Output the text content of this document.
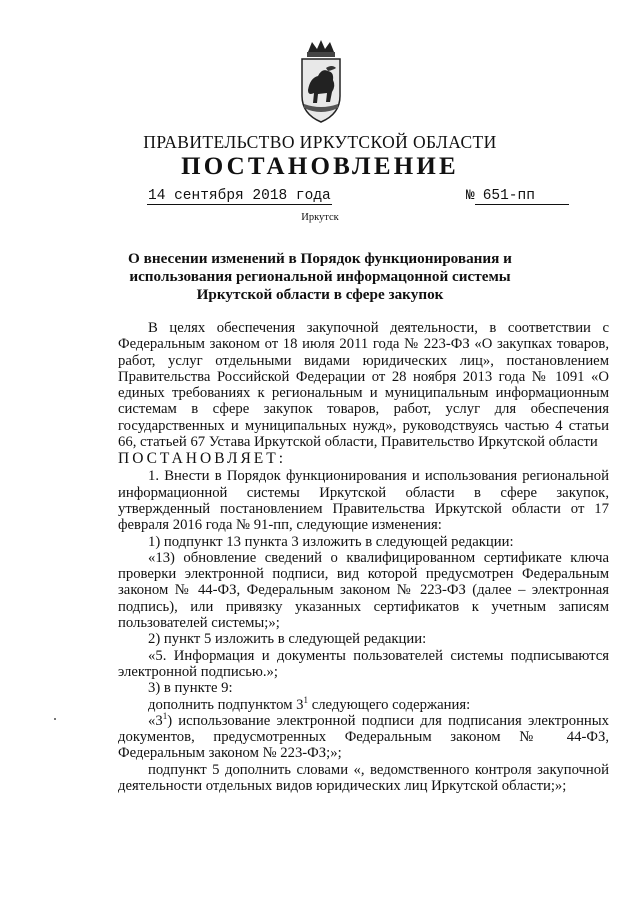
ПРАВИТЕЛЬСТВО ИРКУТСКОЙ ОБЛАСТИ
ПОСТАНОВЛЕНИЕ
14 сентября 2018 года	№ 651-пп
Иркутск
О внесении изменений в Порядок функционирования и использования региональной информацонной системы Иркутской области в сфере закупок

В целях обеспечения закупочной деятельности, в соответствии с Федеральным законом от 18 июля 2011 года № 223-ФЗ «О закупках товаров, работ, услуг отдельными видами юридических лиц», постановлением Правительства Российской Федерации от 28 ноября 2013 года № 1091 «О единых требованиях к региональным и муниципальным информационным системам в сфере закупок товаров, работ, услуг для обеспечения государственных и муниципальных нужд», руководствуясь частью 4 статьи 66, статьей 67 Устава Иркутской области, Правительство Иркутской области

ПОСТАНОВЛЯЕТ:

1. Внести в Порядок функционирования и использования региональной информационной системы Иркутской области в сфере закупок, утвержденный постановлением Правительства Иркутской области от 17 февраля 2016 года № 91-пп, следующие изменения:

1) подпункт 13 пункта 3 изложить в следующей редакции:

«13) обновление сведений о квалифицированном сертификате ключа проверки электронной подписи, вид которой предусмотрен Федеральным законом № 44-ФЗ, Федеральным законом № 223-ФЗ (далее – электронная подпись), или привязку указанных сертификатов к учетным записям пользователей системы;»;

2) пункт 5 изложить в следующей редакции:

«5. Информация и документы пользователей системы подписываются электронной подписью.»;

3) в пункте 9:

дополнить подпунктом $3^1$ следующего содержания:

«$3^1$) использование электронной подписи для подписания электронных документов, предусмотренных Федеральным законом № 44-ФЗ, Федеральным законом № 223-ФЗ;»;

подпункт 5 дополнить словами «, ведомственного контроля закупочной деятельности отдельных видов юридических лиц Иркутской области;»;
